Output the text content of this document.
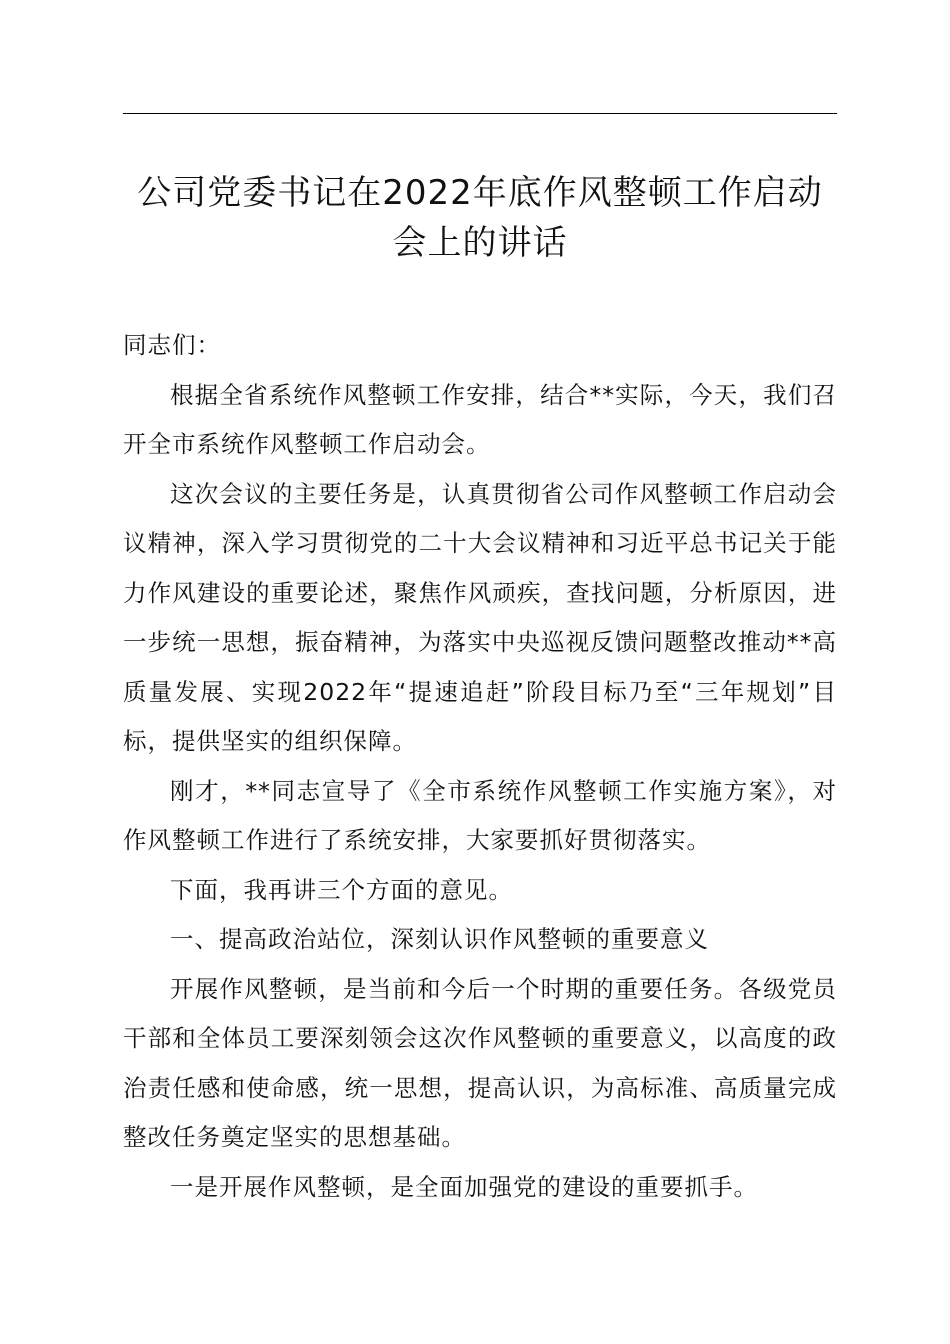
公司党委书记在2022年底作风整顿工作启动
会上的讲话

同志们：

根据全省系统作风整顿工作安排，结合**实际，今天，我们召开全市系统作风整顿工作启动会。

这次会议的主要任务是，认真贯彻省公司作风整顿工作启动会议精神，深入学习贯彻党的二十大会议精神和习近平总书记关于能力作风建设的重要论述，聚焦作风顽疾，查找问题，分析原因，进一步统一思想，振奋精神，为落实中央巡视反馈问题整改推动**高质量发展、实现2022年“提速追赶”阶段目标乃至“三年规划”目标，提供坚实的组织保障。

刚才，**同志宣导了《全市系统作风整顿工作实施方案》，对作风整顿工作进行了系统安排，大家要抓好贯彻落实。

下面，我再讲三个方面的意见。

一、提高政治站位，深刻认识作风整顿的重要意义

开展作风整顿，是当前和今后一个时期的重要任务。各级党员干部和全体员工要深刻领会这次作风整顿的重要意义，以高度的政治责任感和使命感，统一思想，提高认识，为高标准、高质量完成整改任务奠定坚实的思想基础。

一是开展作风整顿，是全面加强党的建设的重要抓手。
